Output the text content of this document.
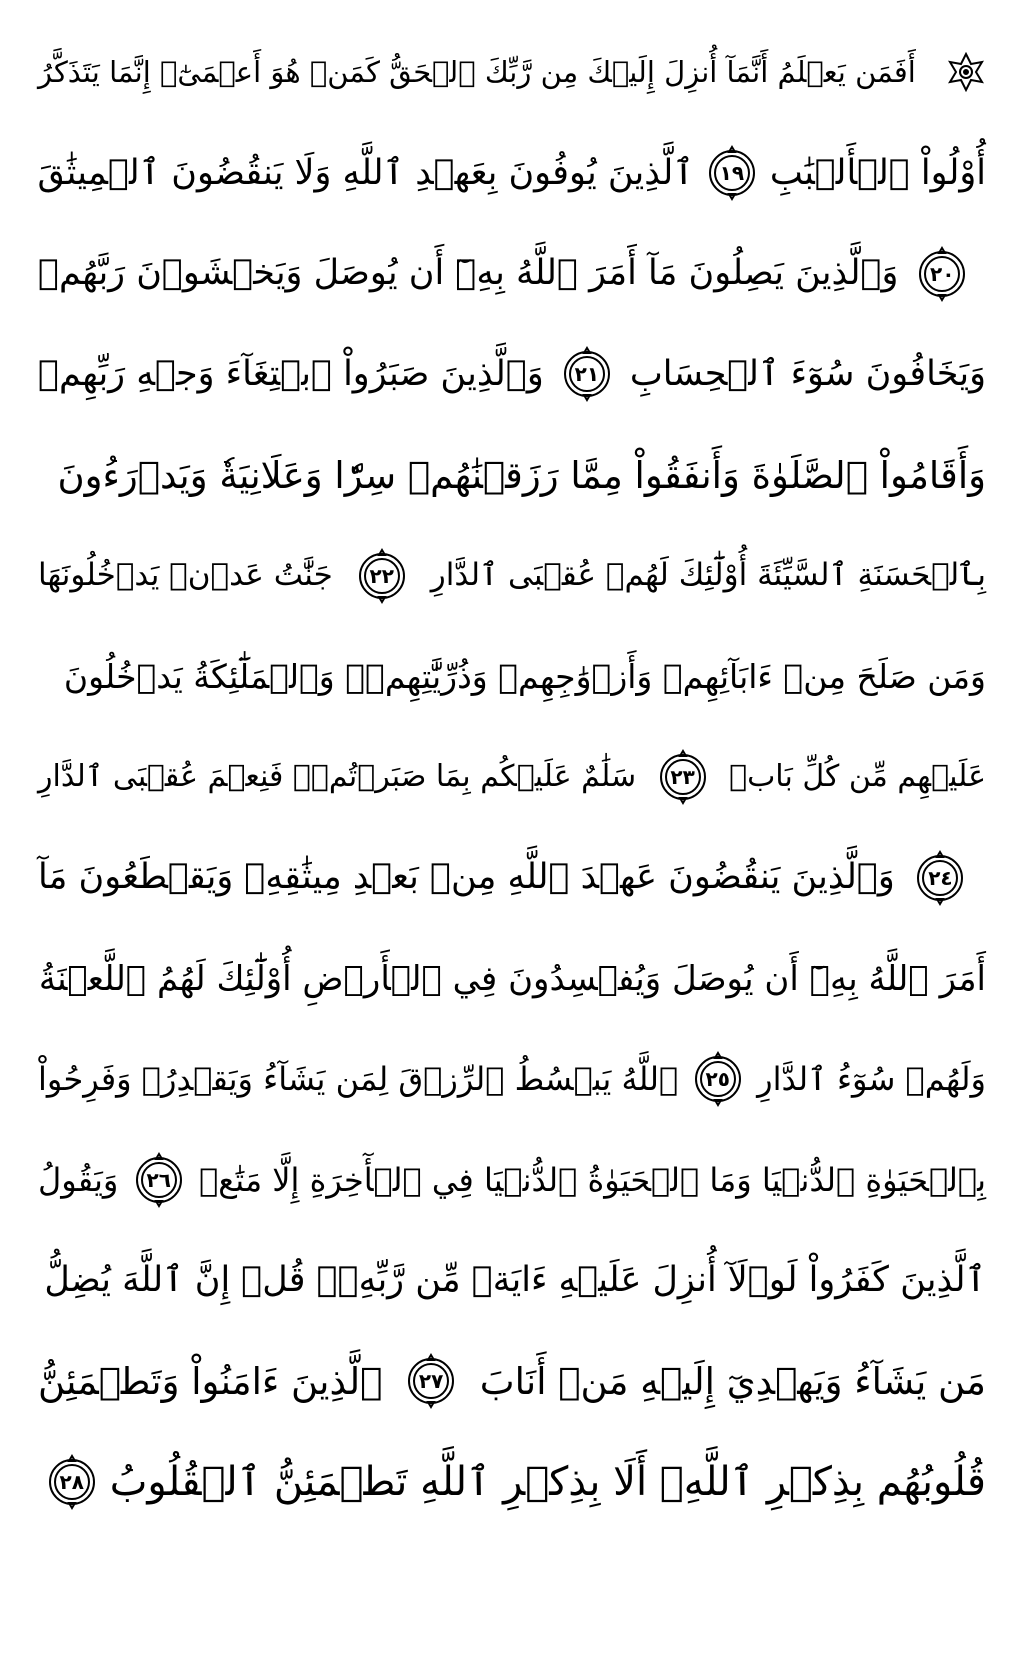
أَفَمَن يَعۡلَمُ أَنَّمَآ أُنزِلَ إِلَيۡكَ مِن رَّبِّكَ ٱلۡحَقُّ كَمَنۡ هُوَ أَعۡمَىٰٓۚ إِنَّمَا يَتَذَكَّرُ
أُوْلُواْ ٱلۡأَلۡبَٰبِ
١٩
ٱلَّذِينَ يُوفُونَ بِعَهۡدِ ٱللَّهِ وَلَا يَنقُضُونَ ٱلۡمِيثَٰقَ
٢٠
وَٱلَّذِينَ يَصِلُونَ مَآ أَمَرَ ٱللَّهُ بِهِۦٓ أَن يُوصَلَ وَيَخۡشَوۡنَ رَبَّهُمۡ
وَيَخَافُونَ سُوٓءَ ٱلۡحِسَابِ
٢١
وَٱلَّذِينَ صَبَرُواْ ٱبۡتِغَآءَ وَجۡهِ رَبِّهِمۡ
وَأَقَامُواْ ٱلصَّلَوٰةَ وَأَنفَقُواْ مِمَّا رَزَقۡنَٰهُمۡ سِرّٗا وَعَلَانِيَةٗ وَيَدۡرَءُونَ
بِٱلۡحَسَنَةِ ٱلسَّيِّئَةَ أُوْلَٰٓئِكَ لَهُمۡ عُقۡبَى ٱلدَّارِ
٢٢
جَنَّٰتُ عَدۡنٖ يَدۡخُلُونَهَا
وَمَن صَلَحَ مِنۡ ءَابَآئِهِمۡ وَأَزۡوَٰجِهِمۡ وَذُرِّيَّٰتِهِمۡۖ وَٱلۡمَلَٰٓئِكَةُ يَدۡخُلُونَ
عَلَيۡهِم مِّن كُلِّ بَابٖ
٢٣
سَلَٰمٌ عَلَيۡكُم بِمَا صَبَرۡتُمۡۚ فَنِعۡمَ عُقۡبَى ٱلدَّارِ
٢٤
وَٱلَّذِينَ يَنقُضُونَ عَهۡدَ ٱللَّهِ مِنۢ بَعۡدِ مِيثَٰقِهِۦ وَيَقۡطَعُونَ مَآ
أَمَرَ ٱللَّهُ بِهِۦٓ أَن يُوصَلَ وَيُفۡسِدُونَ فِي ٱلۡأَرۡضِ أُوْلَٰٓئِكَ لَهُمُ ٱللَّعۡنَةُ
وَلَهُمۡ سُوٓءُ ٱلدَّارِ
٢٥
ٱللَّهُ يَبۡسُطُ ٱلرِّزۡقَ لِمَن يَشَآءُ وَيَقۡدِرُۚ وَفَرِحُواْ
بِٱلۡحَيَوٰةِ ٱلدُّنۡيَا وَمَا ٱلۡحَيَوٰةُ ٱلدُّنۡيَا فِي ٱلۡأٓخِرَةِ إِلَّا مَتَٰعٞ
٢٦
وَيَقُولُ
ٱلَّذِينَ كَفَرُواْ لَوۡلَآ أُنزِلَ عَلَيۡهِ ءَايَةٞ مِّن رَّبِّهِۦۗ قُلۡ إِنَّ ٱللَّهَ يُضِلُّ
مَن يَشَآءُ وَيَهۡدِيٓ إِلَيۡهِ مَنۡ أَنَابَ
٢٧
ٱلَّذِينَ ءَامَنُواْ وَتَطۡمَئِنُّ
قُلُوبُهُم بِذِكۡرِ ٱللَّهِۗ أَلَا بِذِكۡرِ ٱللَّهِ تَطۡمَئِنُّ ٱلۡقُلُوبُ
٢٨
